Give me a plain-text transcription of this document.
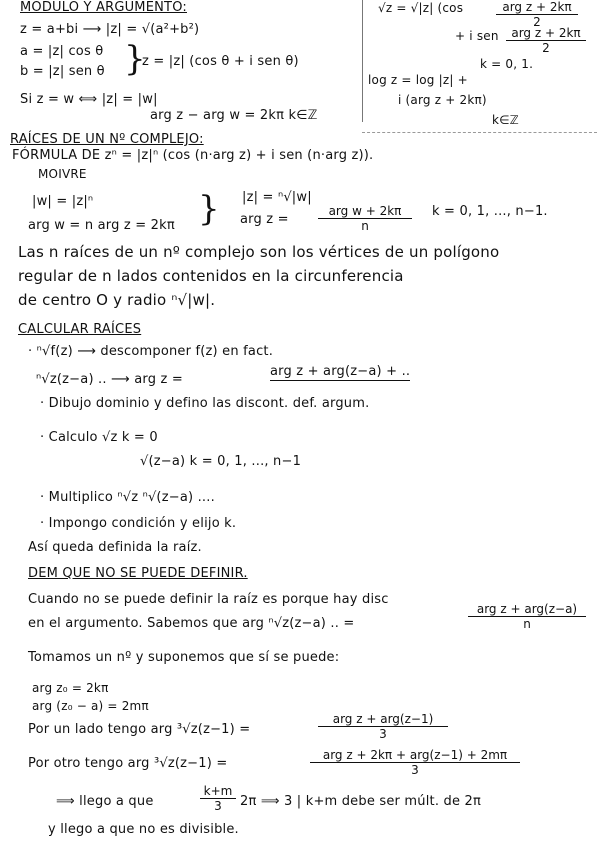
MÓDULO Y ARGUMENTO:
z = a+bi ⟶ |z| = √(a²+b²)
a = |z| cos θ
b = |z| sen θ }
z = |z| (cos θ + i sen θ)
Si z = w ⟺ |z| = |w|
arg z − arg w = 2kπ k∈ℤ
√z = √|z| (cos	arg z + 2kπ
2
+ i sen	arg z + 2kπ
2
k = 0, 1.
log z = log |z| +
i (arg z + 2kπ)
k∈ℤ
RAÍCES DE UN Nº COMPLEJO:
FÓRMULA DE zⁿ = |z|ⁿ (cos (n·arg z) + i sen (n·arg z)).
MOIVRE
|w| = |z|ⁿ
arg w = n arg z = 2kπ } |z| = ⁿ√|w|
arg z =
arg w + 2kπ
n
k = 0, 1, ..., n−1.
Las n raíces de un nº complejo son los vértices de un polígono
regular de n lados contenidos en la circunferencia
de centro O y radio ⁿ√|w|.
CALCULAR RAÍCES
· ⁿ√f(z) ⟶ descomponer f(z) en fact.
ⁿ√z(z−a) .. ⟶ arg z =
arg z + arg(z−a) + ..
· Dibujo dominio y defino las discont. def. argum.
· Calculo √z k = 0
√(z−a) k = 0, 1, ..., n−1
· Multiplico ⁿ√z ⁿ√(z−a) ....
· Impongo condición y elijo k.
Así queda definida la raíz.
DEM QUE NO SE PUEDE DEFINIR.
Cuando no se puede definir la raíz es porque hay disc
en el argumento. Sabemos que arg ⁿ√z(z−a) .. =
arg z + arg(z−a)
n
Tomamos un nº y suponemos que sí se puede:
arg z₀ = 2kπ
arg (z₀ − a) = 2mπ
Por un lado tengo arg ³√z(z−1) =
arg z + arg(z−1)
3
Por otro tengo arg ³√z(z−1) =
arg z + 2kπ + arg(z−1) + 2mπ
3
⟹ llego a que	$\frac{k+m}{3} 2\pi$ ⟹ 3 | k+m debe ser múlt. de 2π
y llego a que no es divisible.
